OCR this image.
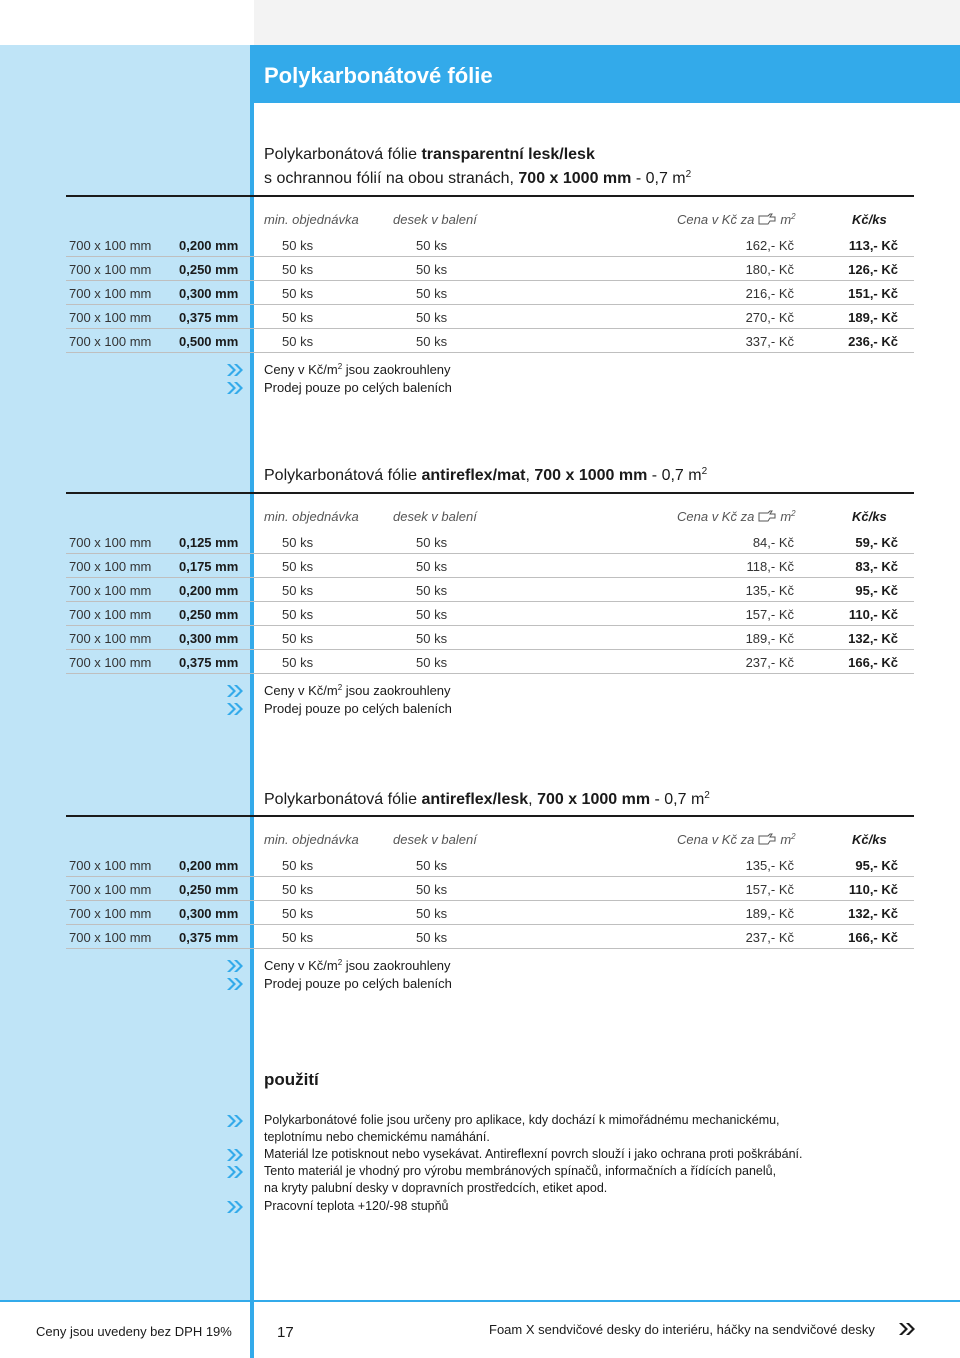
Polykarbonátové fólie
Polykarbonátová fólie transparentní lesk/lesk
s ochrannou fólií na obou stranách, 700 x 1000 mm - 0,7 $m^2$
min. objednávka	desek v balení	Cena v Kč za $m^2$	Kč/ks
700 x 100 mm 0,200 mm	50 ks	50 ks	162,- Kč	113,- Kč
700 x 100 mm 0,250 mm	50 ks	50 ks	180,- Kč	126,- Kč
700 x 100 mm 0,300 mm	50 ks	50 ks	216,- Kč	151,- Kč
700 x 100 mm 0,375 mm	50 ks	50 ks	270,- Kč	189,- Kč
700 x 100 mm 0,500 mm	50 ks	50 ks	337,- Kč	236,- Kč
Ceny v $Kč/m^2$ jsou zaokrouhleny
Prodej pouze po celých baleních
Polykarbonátová fólie antireflex/mat, 700 x 1000 mm - 0,7 $m^2$
min. objednávka	desek v balení	Cena v Kč za $m^2$	Kč/ks
700 x 100 mm 0,125 mm	50 ks	50 ks	84,- Kč	59,- Kč
700 x 100 mm 0,175 mm	50 ks	50 ks	118,- Kč	83,- Kč
700 x 100 mm 0,200 mm	50 ks	50 ks	135,- Kč	95,- Kč
700 x 100 mm 0,250 mm	50 ks	50 ks	157,- Kč	110,- Kč
700 x 100 mm 0,300 mm	50 ks	50 ks	189,- Kč	132,- Kč
700 x 100 mm 0,375 mm	50 ks	50 ks	237,- Kč	166,- Kč
Ceny v $Kč/m^2$ jsou zaokrouhleny
Prodej pouze po celých baleních
Polykarbonátová fólie antireflex/lesk, 700 x 1000 mm - 0,7 $m^2$
min. objednávka	desek v balení	Cena v Kč za $m^2$	Kč/ks
700 x 100 mm 0,200 mm	50 ks	50 ks	135,- Kč	95,- Kč
700 x 100 mm 0,250 mm	50 ks	50 ks	157,- Kč	110,- Kč
700 x 100 mm 0,300 mm	50 ks	50 ks	189,- Kč	132,- Kč
700 x 100 mm 0,375 mm	50 ks	50 ks	237,- Kč	166,- Kč
Ceny v $Kč/m^2$ jsou zaokrouhleny
Prodej pouze po celých baleních
použití
Polykarbonátové folie jsou určeny pro aplikace, kdy dochází k mimořádnému mechanickému,
teplotnímu nebo chemickému namáhání.
Materiál lze potisknout nebo vysekávat. Antireflexní povrch slouží i jako ochrana proti poškrábání.
Tento materiál je vhodný pro výrobu membránových spínačů, informačních a řídících panelů,
na kryty palubní desky v dopravních prostředcích, etiket apod.
Pracovní teplota +120/-98 stupňů
Ceny jsou uvedeny bez DPH 19%	17	Foam X sendvičové desky do interiéru, háčky na sendvičové desky
